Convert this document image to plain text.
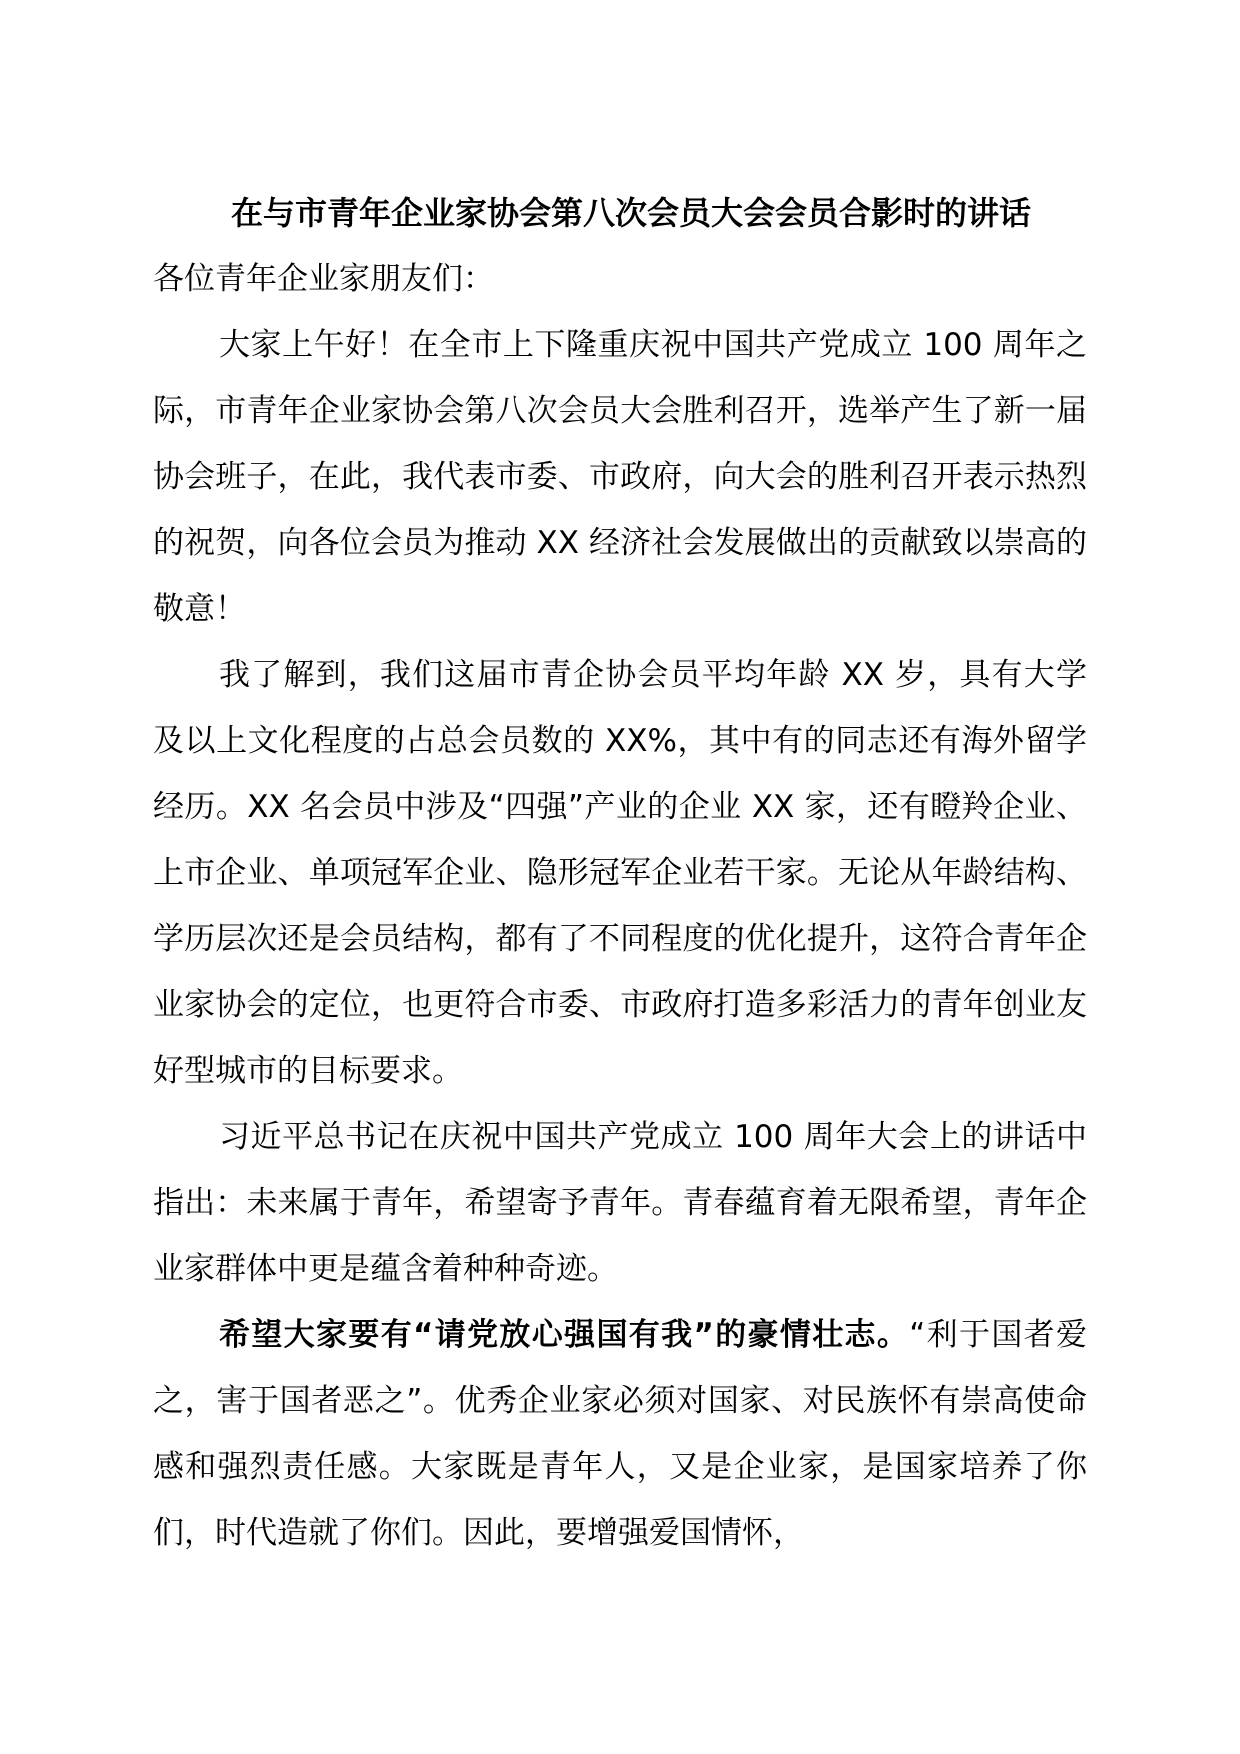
在与市青年企业家协会第八次会员大会会员合影时的讲话

各位青年企业家朋友们：

大家上午好！在全市上下隆重庆祝中国共产党成立 100 周年之际，市青年企业家协会第八次会员大会胜利召开，选举产生了新一届协会班子，在此，我代表市委、市政府，向大会的胜利召开表示热烈的祝贺，向各位会员为推动 XX 经济社会发展做出的贡献致以崇高的敬意！

我了解到，我们这届市青企协会员平均年龄 XX 岁，具有大学及以上文化程度的占总会员数的 XX%，其中有的同志还有海外留学经历。XX 名会员中涉及“四强”产业的企业 XX 家，还有瞪羚企业、上市企业、单项冠军企业、隐形冠军企业若干家。无论从年龄结构、学历层次还是会员结构，都有了不同程度的优化提升，这符合青年企业家协会的定位，也更符合市委、市政府打造多彩活力的青年创业友好型城市的目标要求。

习近平总书记在庆祝中国共产党成立 100 周年大会上的讲话中指出：未来属于青年，希望寄予青年。青春蕴育着无限希望，青年企业家群体中更是蕴含着种种奇迹。

希望大家要有“请党放心强国有我”的豪情壮志。“利于国者爱之，害于国者恶之”。优秀企业家必须对国家、对民族怀有崇高使命感和强烈责任感。大家既是青年人，又是企业家，是国家培养了你们，时代造就了你们。因此，要增强爱国情怀，
